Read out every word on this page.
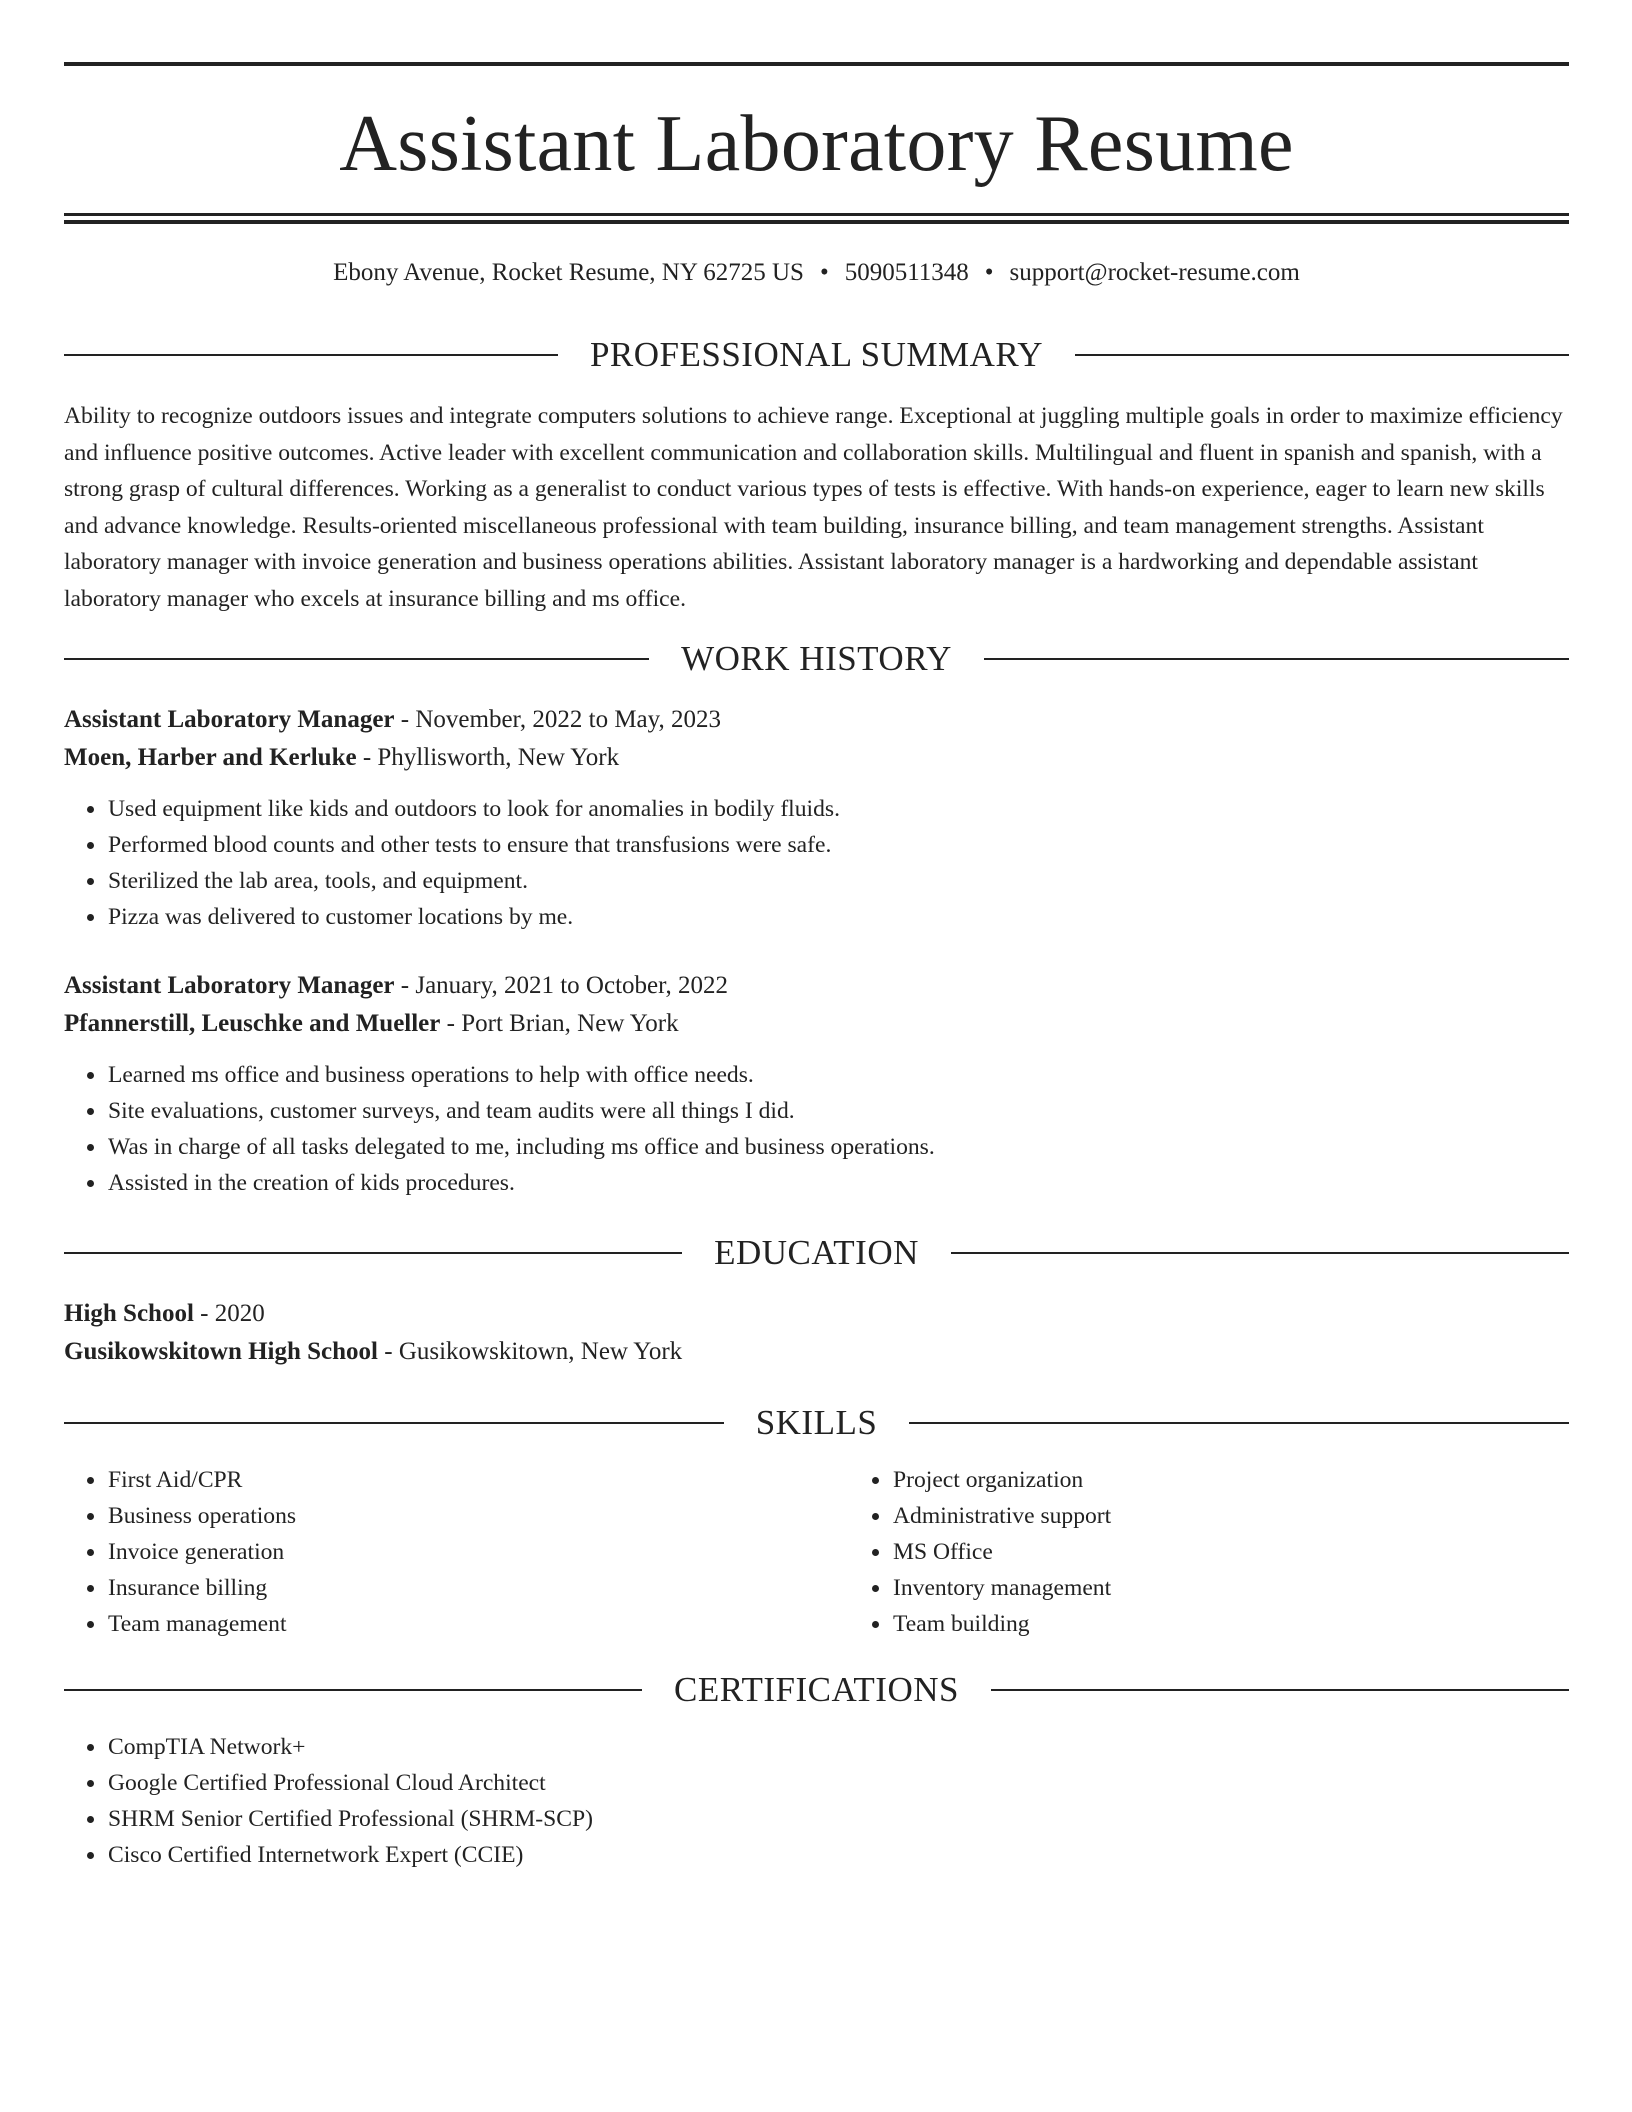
Assistant Laboratory Resume
Ebony Avenue, Rocket Resume, NY 62725 US • 5090511348 • support@rocket-resume.com
PROFESSIONAL SUMMARY
Ability to recognize outdoors issues and integrate computers solutions to achieve range. Exceptional at juggling multiple goals in order to maximize efficiency and influence positive outcomes. Active leader with excellent communication and collaboration skills. Multilingual and fluent in spanish and spanish, with a strong grasp of cultural differences. Working as a generalist to conduct various types of tests is effective. With hands-on experience, eager to learn new skills and advance knowledge. Results-oriented miscellaneous professional with team building, insurance billing, and team management strengths. Assistant laboratory manager with invoice generation and business operations abilities. Assistant laboratory manager is a hardworking and dependable assistant laboratory manager who excels at insurance billing and ms office.
WORK HISTORY
Assistant Laboratory Manager - November, 2022 to May, 2023
Moen, Harber and Kerluke - Phyllisworth, New York
• Used equipment like kids and outdoors to look for anomalies in bodily fluids.
• Performed blood counts and other tests to ensure that transfusions were safe.
• Sterilized the lab area, tools, and equipment.
• Pizza was delivered to customer locations by me.
Assistant Laboratory Manager - January, 2021 to October, 2022
Pfannerstill, Leuschke and Mueller - Port Brian, New York
• Learned ms office and business operations to help with office needs.
• Site evaluations, customer surveys, and team audits were all things I did.
• Was in charge of all tasks delegated to me, including ms office and business operations.
• Assisted in the creation of kids procedures.
EDUCATION
High School - 2020
Gusikowskitown High School - Gusikowskitown, New York
SKILLS
• First Aid/CPR
• Business operations
• Invoice generation
• Insurance billing
• Team management
• Project organization
• Administrative support
• MS Office
• Inventory management
• Team building
CERTIFICATIONS
• CompTIA Network+
• Google Certified Professional Cloud Architect
• SHRM Senior Certified Professional (SHRM-SCP)
• Cisco Certified Internetwork Expert (CCIE)
